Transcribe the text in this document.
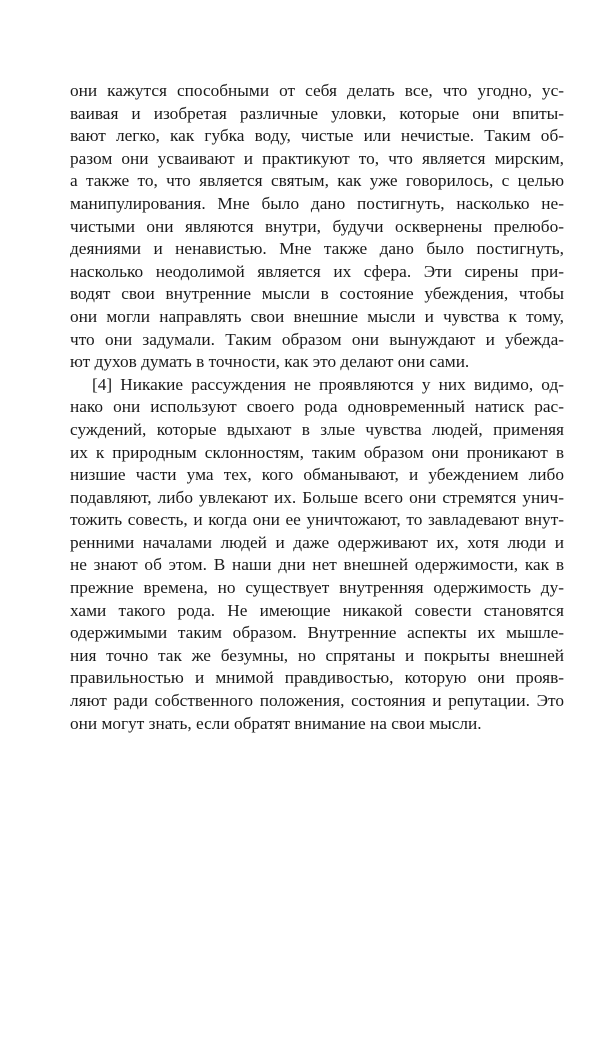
они кажутся способными от себя делать все, что угодно, ус-
ваивая и изобретая различные уловки, которые они впиты-
вают легко, как губка воду, чистые или нечистые. Таким об-
разом они усваивают и практикуют то, что является мирским,
а также то, что является святым, как уже говорилось, с целью
манипулирования. Мне было дано постигнуть, насколько не-
чистыми они являются внутри, будучи осквернены прелюбо-
деяниями и ненавистью. Мне также дано было постигнуть,
насколько неодолимой является их сфера. Эти сирены при-
водят свои внутренние мысли в состояние убеждения, чтобы
они могли направлять свои внешние мысли и чувства к тому,
что они задумали. Таким образом они вынуждают и убежда-
ют духов думать в точности, как это делают они сами.
[4] Никакие рассуждения не проявляются у них видимо, од-
нако они используют своего рода одновременный натиск рас-
суждений, которые вдыхают в злые чувства людей, применяя
их к природным склонностям, таким образом они проникают в
низшие части ума тех, кого обманывают, и убеждением либо
подавляют, либо увлекают их. Больше всего они стремятся унич-
тожить совесть, и когда они ее уничтожают, то завладевают внут-
ренними началами людей и даже одерживают их, хотя люди и
не знают об этом. В наши дни нет внешней одержимости, как в
прежние времена, но существует внутренняя одержимость ду-
хами такого рода. Не имеющие никакой совести становятся
одержимыми таким образом. Внутренние аспекты их мышле-
ния точно так же безумны, но спрятаны и покрыты внешней
правильностью и мнимой правдивостью, которую они прояв-
ляют ради собственного положения, состояния и репутации. Это
они могут знать, если обратят внимание на свои мысли.
